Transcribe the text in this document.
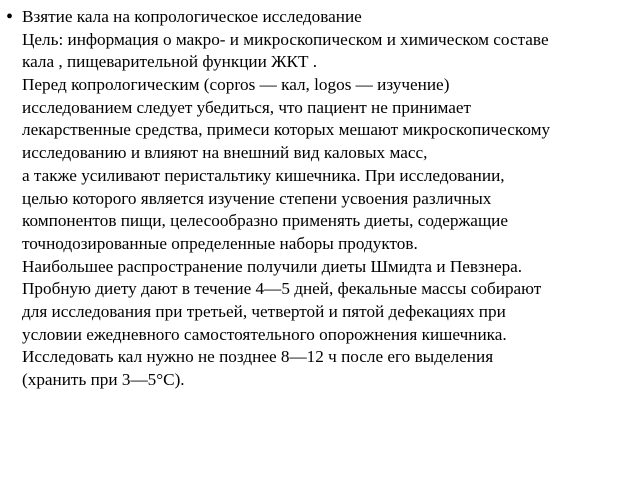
• Взятие кала на копрологическое исследование
Цель: информация о макро- и микроскопическом и химическом составе
кала , пищеварительной функции ЖКТ .
Перед копрологическим (copros — кал, logos — изучение)
исследованием следует убедиться, что пациент не принимает
лекарственные средства, примеси которых мешают микроскопическому
исследованию и влияют на внешний вид каловых масс,
а также усиливают перистальтику кишечника. При исследовании,
целью которого является изучение степени усвоения различных
компонентов пищи, целесообразно применять диеты, содержащие
точнодозированные определенные наборы продуктов.
Наибольшее распространение получили диеты Шмидта и Певзнера.
Пробную диету дают в течение 4—5 дней, фекальные массы собирают
для исследования при третьей, четвертой и пятой дефекациях при
условии ежедневного самостоятельного опорожнения кишечника.
Исследовать кал нужно не позднее 8—12 ч после его выделения
(хранить при 3—5°С).
